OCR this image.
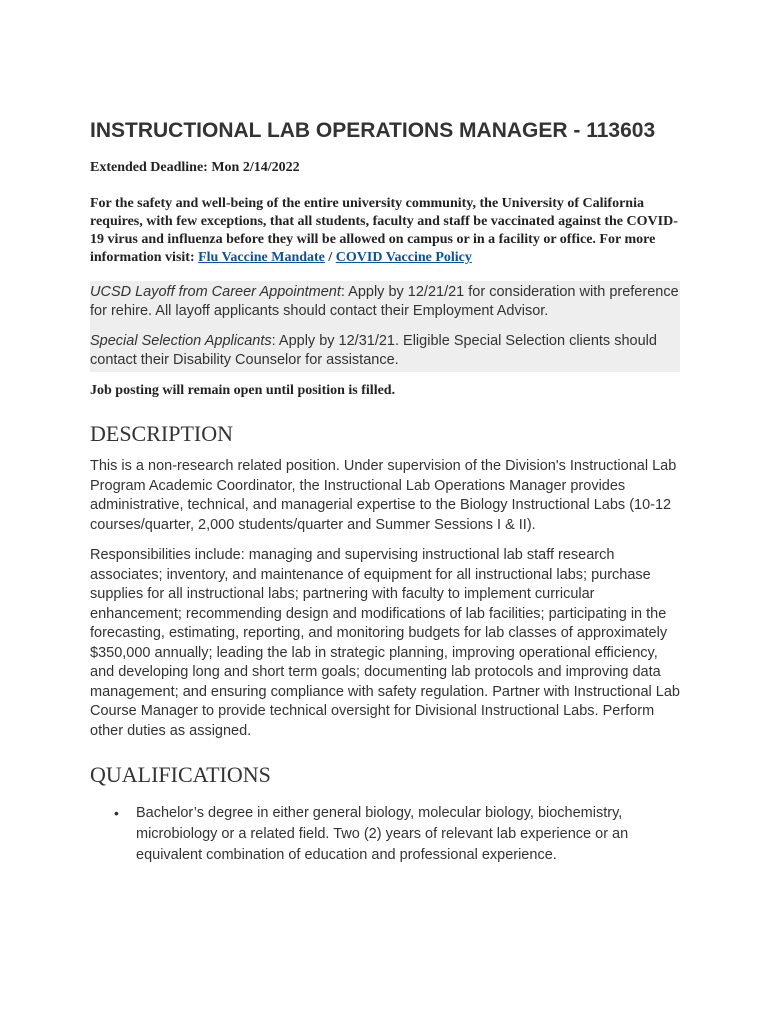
INSTRUCTIONAL LAB OPERATIONS MANAGER - 113603

Extended Deadline: Mon 2/14/2022

For the safety and well-being of the entire university community, the University of California requires, with few exceptions, that all students, faculty and staff be vaccinated against the COVID-19 virus and influenza before they will be allowed on campus or in a facility or office. For more information visit: Flu Vaccine Mandate / COVID Vaccine Policy

UCSD Layoff from Career Appointment: Apply by 12/21/21 for consideration with preference for rehire. All layoff applicants should contact their Employment Advisor.

Special Selection Applicants: Apply by 12/31/21. Eligible Special Selection clients should contact their Disability Counselor for assistance.

Job posting will remain open until position is filled.

DESCRIPTION

This is a non-research related position. Under supervision of the Division's Instructional Lab Program Academic Coordinator, the Instructional Lab Operations Manager provides administrative, technical, and managerial expertise to the Biology Instructional Labs (10-12 courses/quarter, 2,000 students/quarter and Summer Sessions I & II).

Responsibilities include: managing and supervising instructional lab staff research associates; inventory, and maintenance of equipment for all instructional labs; purchase supplies for all instructional labs; partnering with faculty to implement curricular enhancement; recommending design and modifications of lab facilities; participating in the forecasting, estimating, reporting, and monitoring budgets for lab classes of approximately $350,000 annually; leading the lab in strategic planning, improving operational efficiency, and developing long and short term goals; documenting lab protocols and improving data management; and ensuring compliance with safety regulation. Partner with Instructional Lab Course Manager to provide technical oversight for Divisional Instructional Labs. Perform other duties as assigned.

QUALIFICATIONS
• Bachelor’s degree in either general biology, molecular biology, biochemistry, microbiology or a related field. Two (2) years of relevant lab experience or an equivalent combination of education and professional experience.
